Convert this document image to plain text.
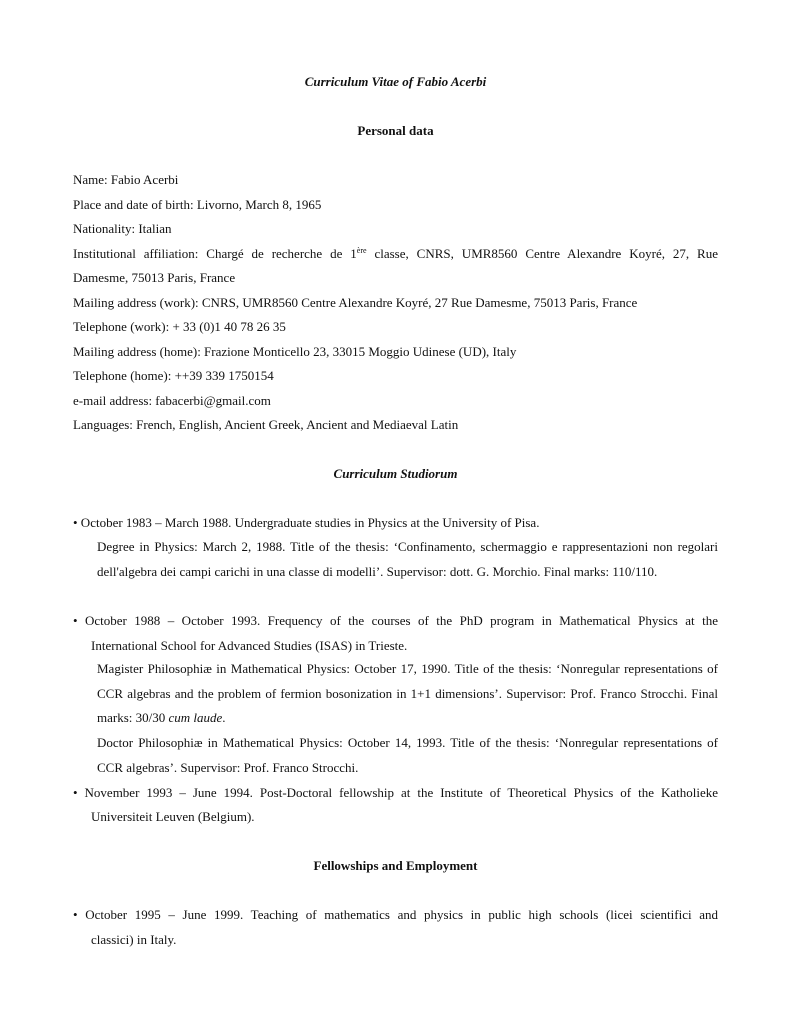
Curriculum Vitae of Fabio Acerbi
Personal data
Name: Fabio Acerbi
Place and date of birth: Livorno, March 8, 1965
Nationality: Italian
Institutional affiliation: Chargé de recherche de 1ère classe, CNRS, UMR8560 Centre Alexandre Koyré, 27, Rue
Damesme, 75013 Paris, France
Mailing address (work): CNRS, UMR8560 Centre Alexandre Koyré, 27 Rue Damesme, 75013 Paris, France
Telephone (work): + 33 (0)1 40 78 26 35
Mailing address (home): Frazione Monticello 23, 33015 Moggio Udinese (UD), Italy
Telephone (home): ++39 339 1750154
e-mail address: fabacerbi@gmail.com
Languages: French, English, Ancient Greek, Ancient and Mediaeval Latin
Curriculum Studiorum
• October 1983 – March 1988. Undergraduate studies in Physics at the University of Pisa.
Degree in Physics: March 2, 1988. Title of the thesis: ‘Confinamento, schermaggio e rappresentazioni non regolari dell'algebra dei campi carichi in una classe di modelli’. Supervisor: dott. G. Morchio. Final marks: 110/110.
• October 1988 – October 1993. Frequency of the courses of the PhD program in Mathematical Physics at the
International School for Advanced Studies (ISAS) in Trieste.
Magister Philosophiæ in Mathematical Physics: October 17, 1990. Title of the thesis: ‘Nonregular representations of CCR algebras and the problem of fermion bosonization in 1+1 dimensions’. Supervisor: Prof. Franco Strocchi. Final marks: 30/30 cum laude.
Doctor Philosophiæ in Mathematical Physics: October 14, 1993. Title of the thesis: ‘Nonregular representations of CCR algebras’. Supervisor: Prof. Franco Strocchi.
• November 1993 – June 1994. Post-Doctoral fellowship at the Institute of Theoretical Physics of the Katholieke
Universiteit Leuven (Belgium).
Fellowships and Employment
• October 1995 – June 1999. Teaching of mathematics and physics in public high schools (licei scientifici and
classici) in Italy.
